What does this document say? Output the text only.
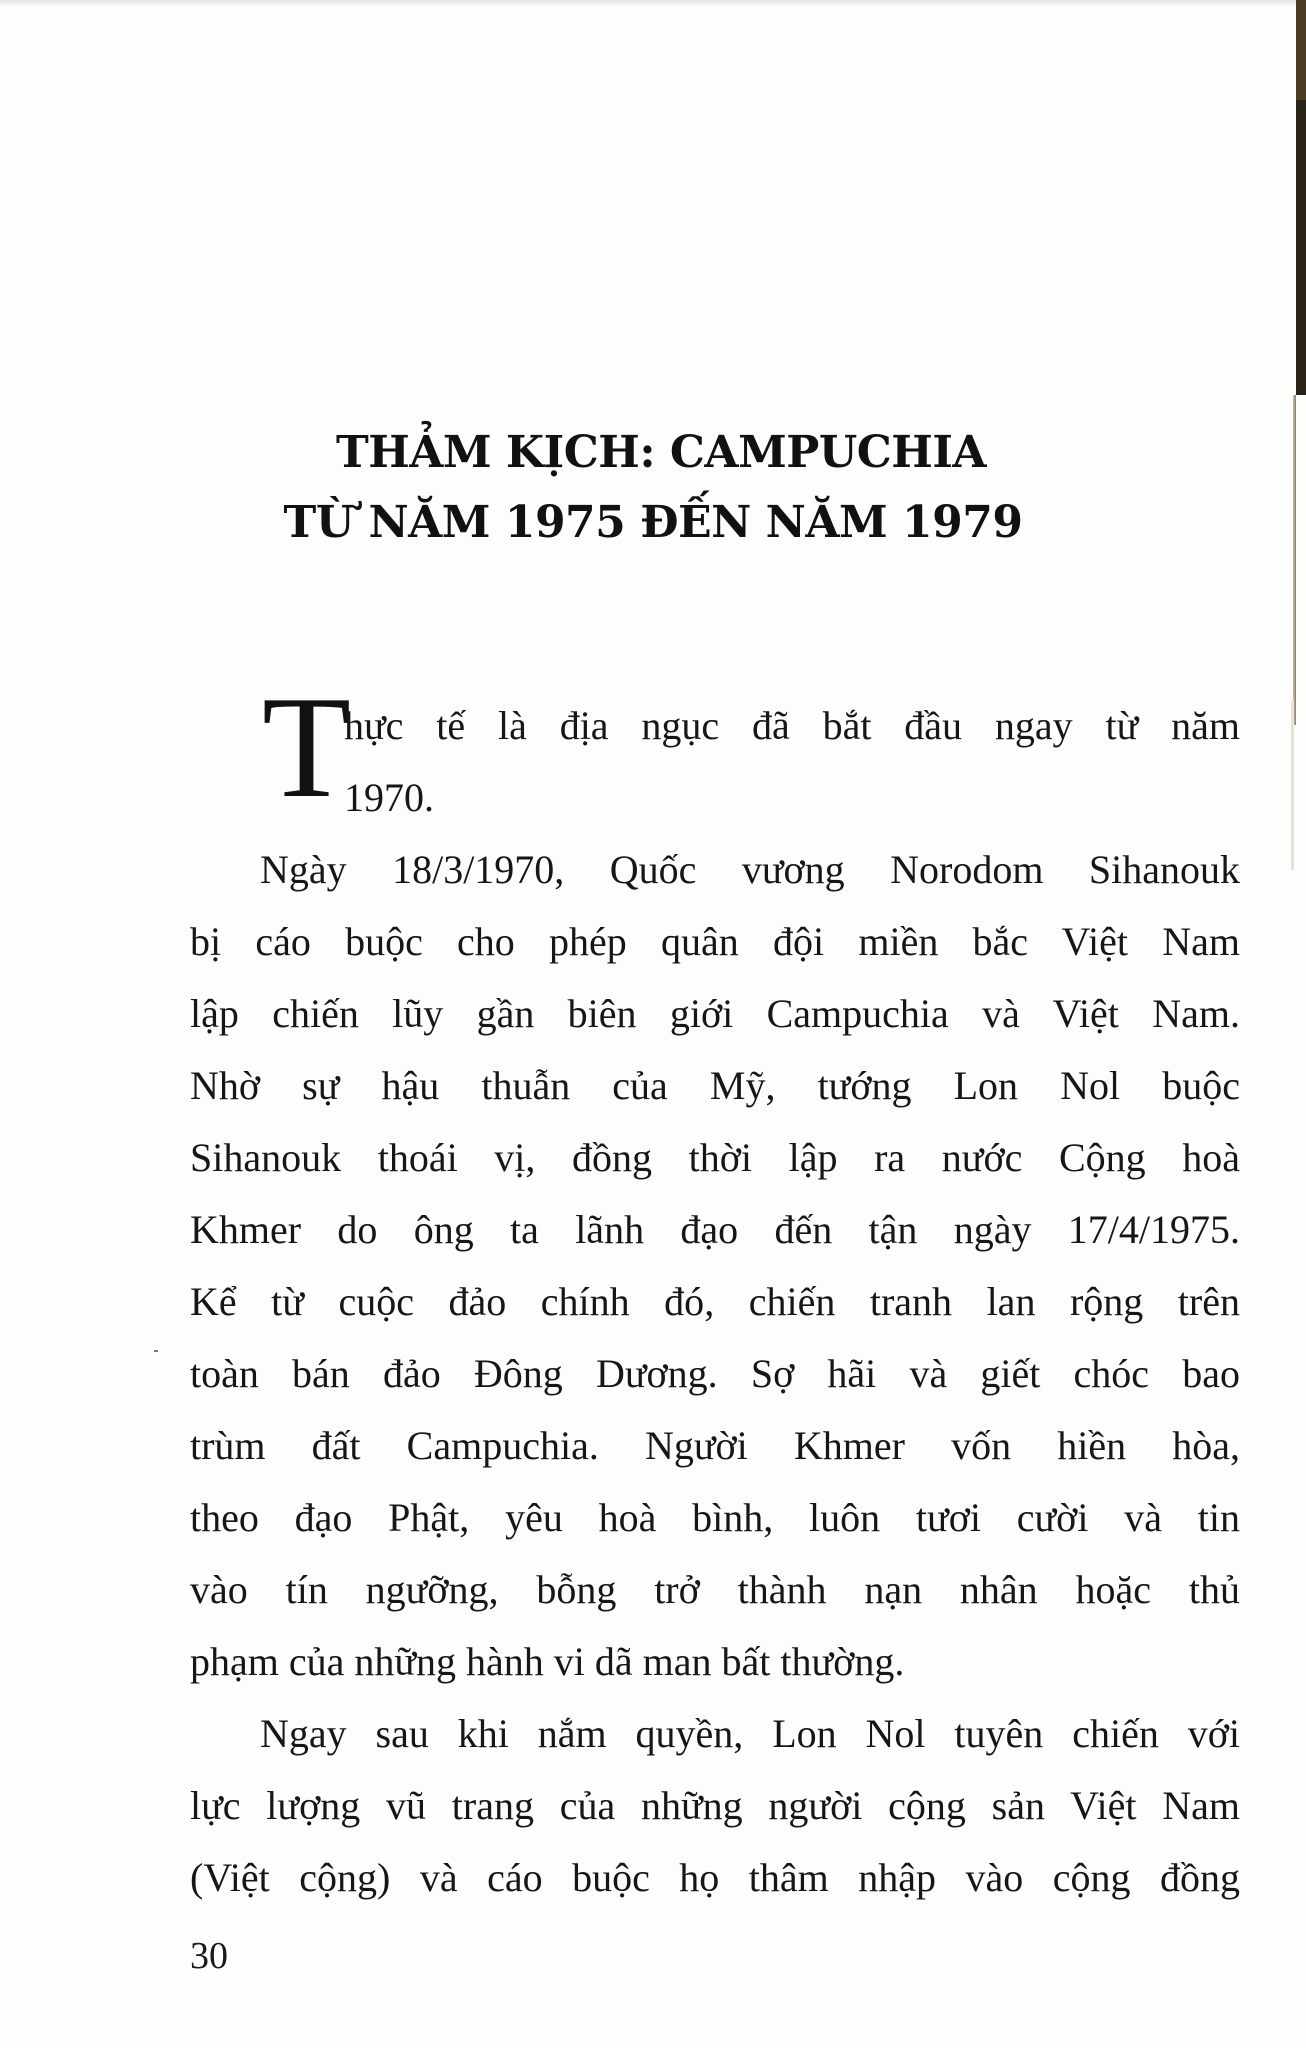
THẢM KỊCH: CAMPUCHIA
TỪ NĂM 1975 ĐẾN NĂM 1979
T
hực tế là địa ngục đã bắt đầu ngay từ năm
1970.
Ngày 18/3/1970, Quốc vương Norodom Sihanouk
bị cáo buộc cho phép quân đội miền bắc Việt Nam
lập chiến lũy gần biên giới Campuchia và Việt Nam.
Nhờ sự hậu thuẫn của Mỹ, tướng Lon Nol buộc
Sihanouk thoái vị, đồng thời lập ra nước Cộng hoà
Khmer do ông ta lãnh đạo đến tận ngày 17/4/1975.
Kể từ cuộc đảo chính đó, chiến tranh lan rộng trên
toàn bán đảo Đông Dương. Sợ hãi và giết chóc bao
trùm đất Campuchia. Người Khmer vốn hiền hòa,
theo đạo Phật, yêu hoà bình, luôn tươi cười và tin
vào tín ngưỡng, bỗng trở thành nạn nhân hoặc thủ
phạm của những hành vi dã man bất thường.
Ngay sau khi nắm quyền, Lon Nol tuyên chiến với
lực lượng vũ trang của những người cộng sản Việt Nam
(Việt cộng) và cáo buộc họ thâm nhập vào cộng đồng
30
